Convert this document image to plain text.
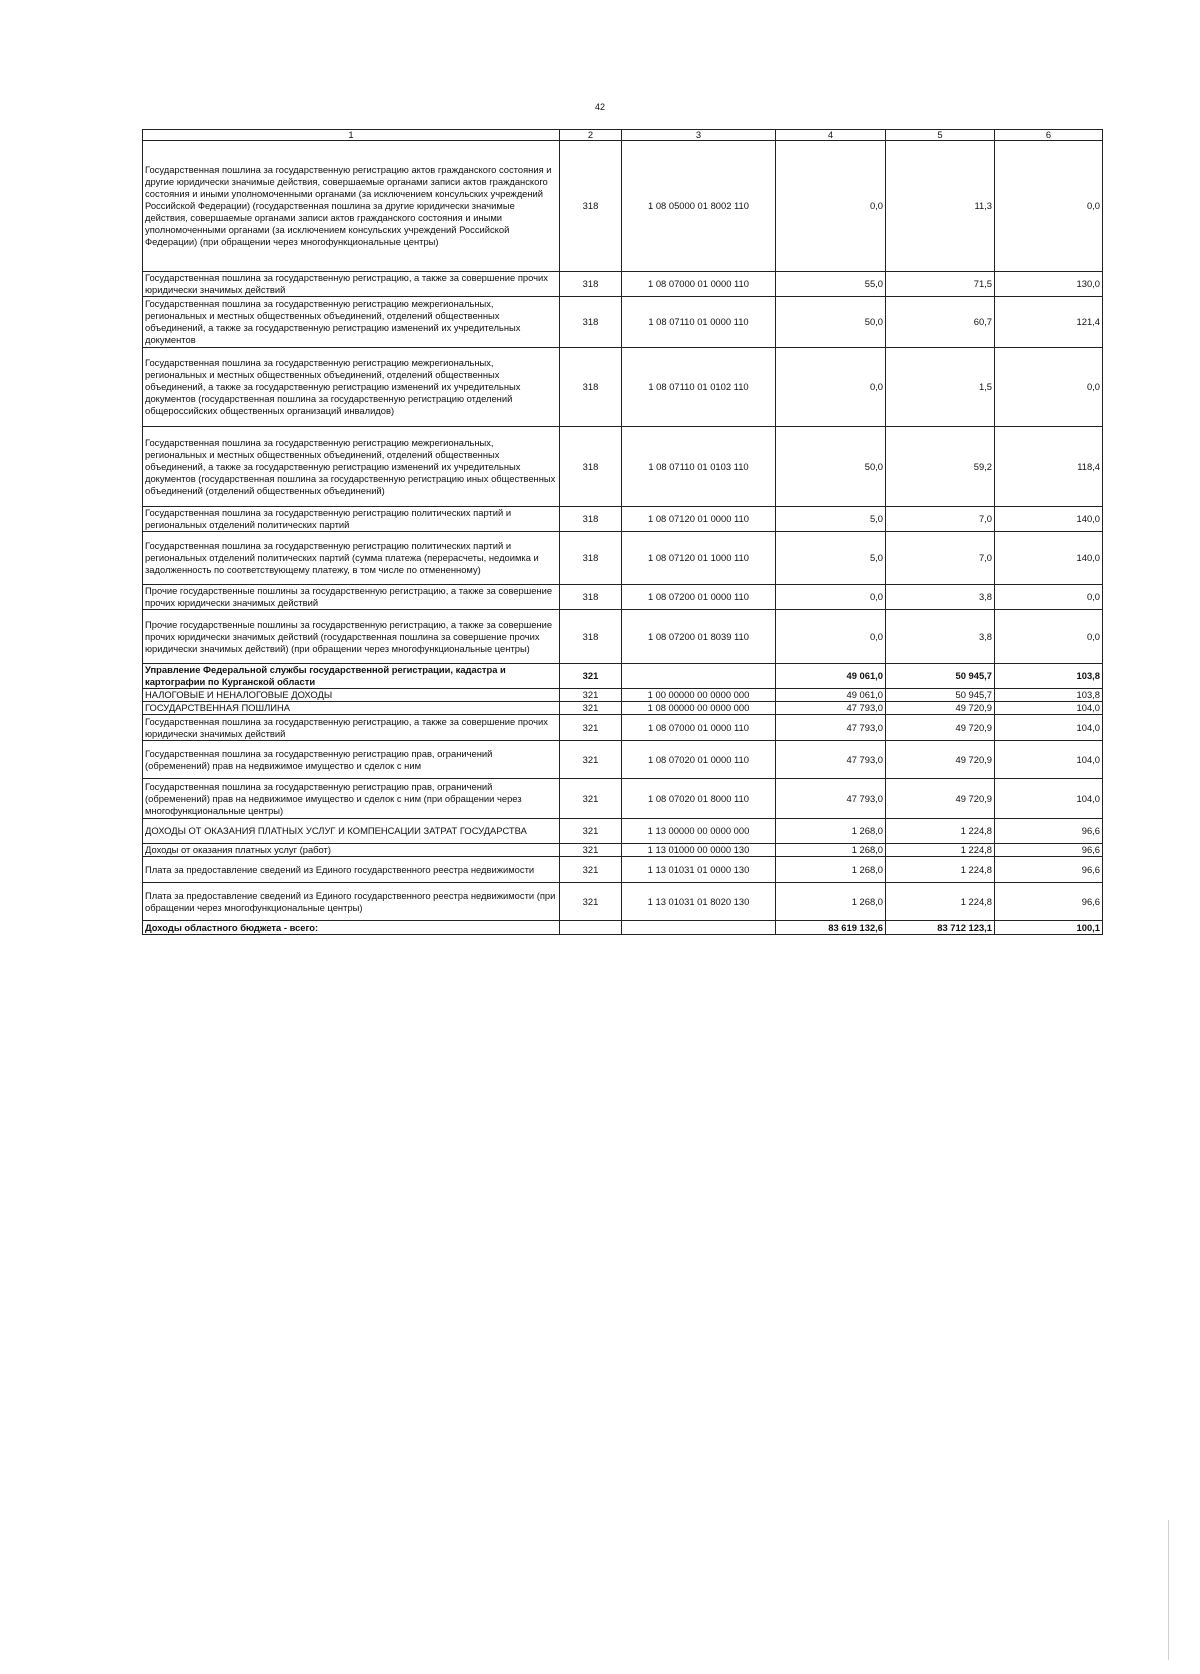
42
1	2	3	4	5	6
Государственная пошлина за государственную регистрацию актов гражданского состояния и другие юридически значимые действия, совершаемые органами записи актов гражданского состояния и иными уполномоченными органами (за исключением консульских учреждений Российской Федерации) (государственная пошлина за другие юридически значимые действия, совершаемые органами записи актов гражданского состояния и иными уполномоченными органами (за исключением консульских учреждений Российской Федерации) (при обращении через многофункциональные центры)	318	1 08 05000 01 8002 110	0,0	11,3	0,0
Государственная пошлина за государственную регистрацию, а также за совершение прочих юридически значимых действий	318	1 08 07000 01 0000 110	55,0	71,5	130,0
Государственная пошлина за государственную регистрацию межрегиональных, региональных и местных общественных объединений, отделений общественных объединений, а также за государственную регистрацию изменений их учредительных документов	318	1 08 07110 01 0000 110	50,0	60,7	121,4
Государственная пошлина за государственную регистрацию межрегиональных, региональных и местных общественных объединений, отделений общественных объединений, а также за государственную регистрацию изменений их учредительных документов (государственная пошлина за государственную регистрацию отделений общероссийских общественных организаций инвалидов)	318	1 08 07110 01 0102 110	0,0	1,5	0,0
Государственная пошлина за государственную регистрацию межрегиональных, региональных и местных общественных объединений, отделений общественных объединений, а также за государственную регистрацию изменений их учредительных документов (государственная пошлина за государственную регистрацию иных общественных объединений (отделений общественных объединений)	318	1 08 07110 01 0103 110	50,0	59,2	118,4
Государственная пошлина за государственную регистрацию политических партий и региональных отделений политических партий	318	1 08 07120 01 0000 110	5,0	7,0	140,0
Государственная пошлина за государственную регистрацию политических партий и региональных отделений политических партий (сумма платежа (перерасчеты, недоимка и задолженность по соответствующему платежу, в том числе по отмененному)	318	1 08 07120 01 1000 110	5,0	7,0	140,0
Прочие государственные пошлины за государственную регистрацию, а также за совершение прочих юридически значимых действий	318	1 08 07200 01 0000 110	0,0	3,8	0,0
Прочие государственные пошлины за государственную регистрацию, а также за совершение прочих юридически значимых действий (государственная пошлина за совершение прочих юридически значимых действий) (при обращении через многофункциональные центры)	318	1 08 07200 01 8039 110	0,0	3,8	0,0
Управление Федеральной службы государственной регистрации, кадастра и картографии по Курганской области	321		49 061,0	50 945,7	103,8
НАЛОГОВЫЕ И НЕНАЛОГОВЫЕ ДОХОДЫ	321	1 00 00000 00 0000 000	49 061,0	50 945,7	103,8
ГОСУДАРСТВЕННАЯ ПОШЛИНА	321	1 08 00000 00 0000 000	47 793,0	49 720,9	104,0
Государственная пошлина за государственную регистрацию, а также за совершение прочих юридически значимых действий	321	1 08 07000 01 0000 110	47 793,0	49 720,9	104,0
Государственная пошлина за государственную регистрацию прав, ограничений (обременений) прав на недвижимое имущество и сделок с ним	321	1 08 07020 01 0000 110	47 793,0	49 720,9	104,0
Государственная пошлина за государственную регистрацию прав, ограничений (обременений) прав на недвижимое имущество и сделок с ним (при обращении через многофункциональные центры)	321	1 08 07020 01 8000 110	47 793,0	49 720,9	104,0
ДОХОДЫ ОТ ОКАЗАНИЯ ПЛАТНЫХ УСЛУГ И КОМПЕНСАЦИИ ЗАТРАТ ГОСУДАРСТВА	321	1 13 00000 00 0000 000	1 268,0	1 224,8	96,6
Доходы от оказания платных услуг (работ)	321	1 13 01000 00 0000 130	1 268,0	1 224,8	96,6
Плата за предоставление сведений из Единого государственного реестра недвижимости	321	1 13 01031 01 0000 130	1 268,0	1 224,8	96,6
Плата за предоставление сведений из Единого государственного реестра недвижимости (при обращении через многофункциональные центры)	321	1 13 01031 01 8020 130	1 268,0	1 224,8	96,6
Доходы областного бюджета - всего:			83 619 132,6	83 712 123,1	100,1
